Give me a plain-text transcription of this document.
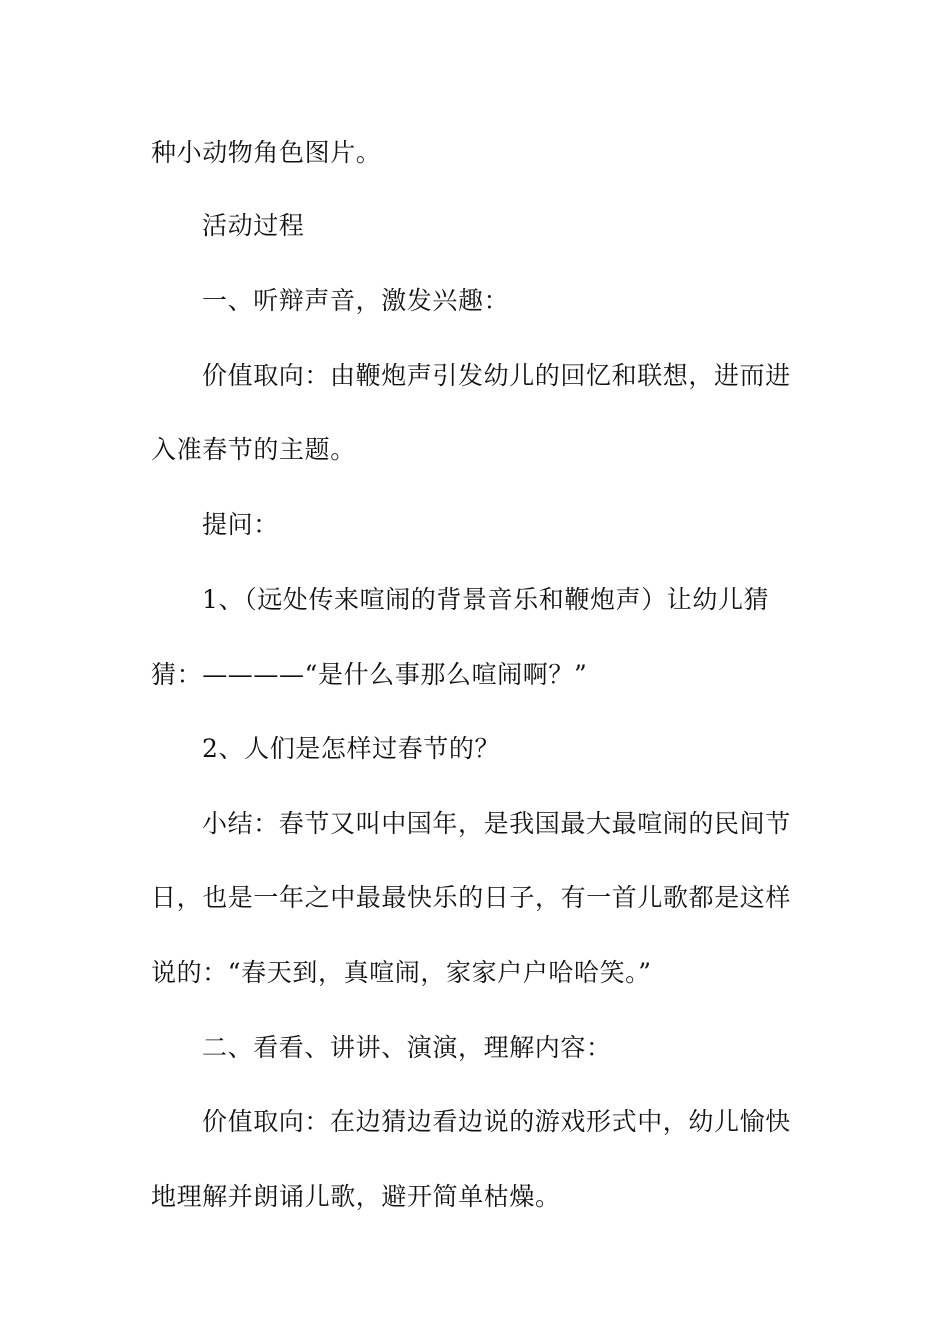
种小动物角色图片。
活动过程
一、听辩声音，激发兴趣：
价值取向：由鞭炮声引发幼儿的回忆和联想，进而进
入准春节的主题。
提问：
1、（远处传来喧闹的背景音乐和鞭炮声）让幼儿猜
猜：————“是什么事那么喧闹啊？”
2、人们是怎样过春节的？
小结：春节又叫中国年，是我国最大最喧闹的民间节
日，也是一年之中最最快乐的日子，有一首儿歌都是这样
说的：“春天到，真喧闹，家家户户哈哈笑。”
二、看看、讲讲、演演，理解内容：
价值取向：在边猜边看边说的游戏形式中，幼儿愉快
地理解并朗诵儿歌，避开简单枯燥。
